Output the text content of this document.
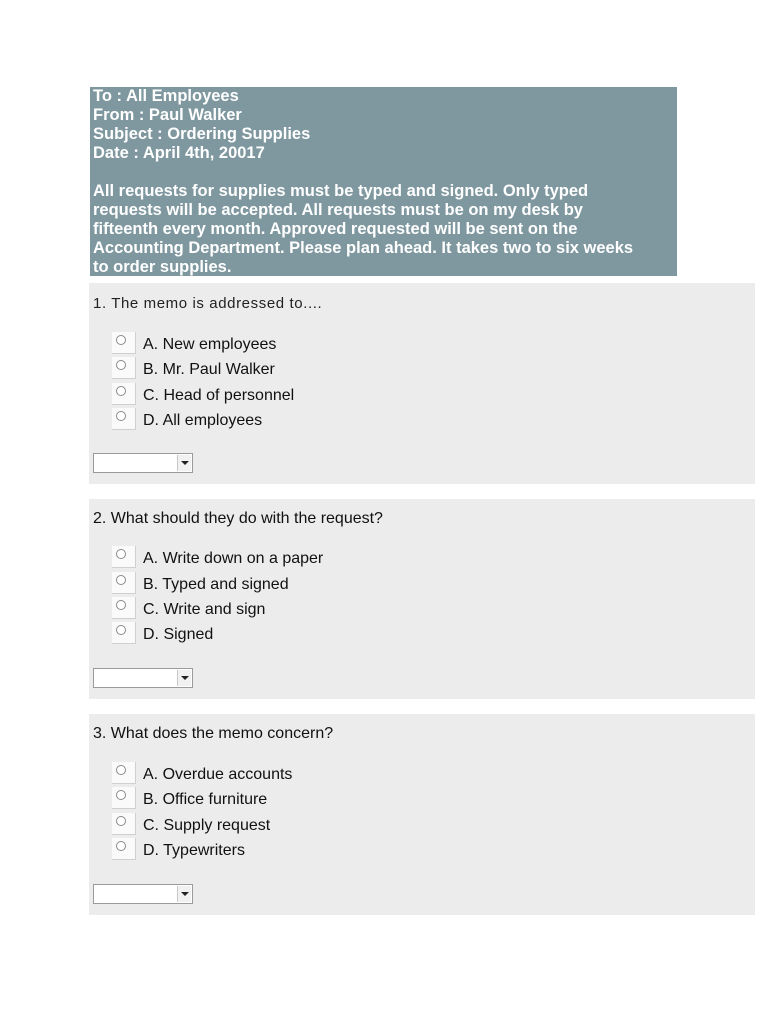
To : All Employees
From : Paul Walker
Subject : Ordering Supplies
Date : April 4th, 20017
All requests for supplies must be typed and signed. Only typed
requests will be accepted. All requests must be on my desk by
fifteenth every month. Approved requested will be sent on the
Accounting Department. Please plan ahead. It takes two to six weeks
to order supplies.
1. The memo is addressed to....
A. New employees
B. Mr. Paul Walker
C. Head of personnel
D. All employees
2. What should they do with the request?
A. Write down on a paper
B. Typed and signed
C. Write and sign
D. Signed
3. What does the memo concern?
A. Overdue accounts
B. Office furniture
C. Supply request
D. Typewriters
